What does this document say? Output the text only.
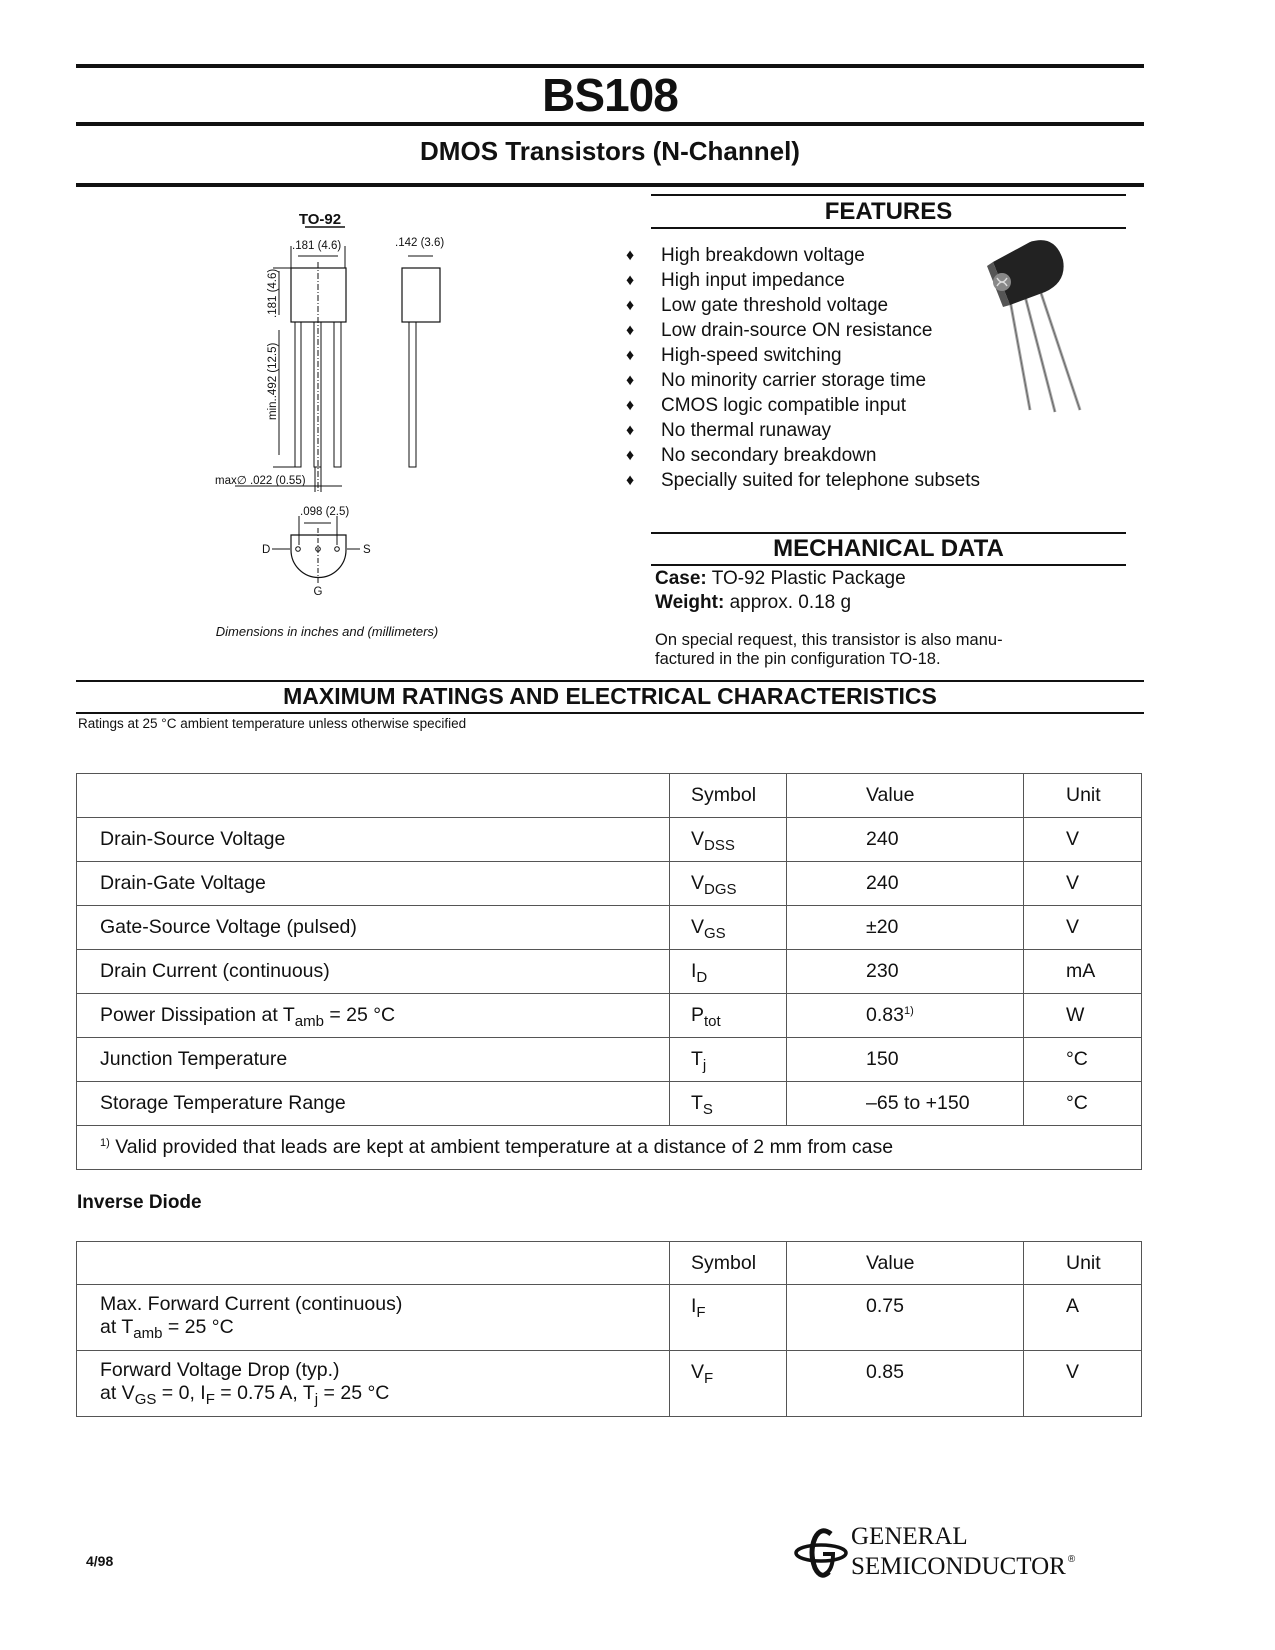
BS108
DMOS Transistors (N-Channel)
TO-92
.181 (4.6)
.181 (4.6)
min..492 (12.5)
.142 (3.6)
max∅ .022 (0.55)
.098 (2.5)
D	S
G
Dimensions in inches and (millimeters)
FEATURES
♦ High breakdown voltage
♦ High input impedance
♦ Low gate threshold voltage
♦ Low drain-source ON resistance
♦ High-speed switching
♦ No minority carrier storage time
♦ CMOS logic compatible input
♦ No thermal runaway
♦ No secondary breakdown
♦ Specially suited for telephone subsets
MECHANICAL DATA
Case: TO-92 Plastic Package
Weight: approx. 0.18 g
On special request, this transistor is also manu-
factured in the pin configuration TO-18.
MAXIMUM RATINGS AND ELECTRICAL CHARACTERISTICS
Ratings at 25 °C ambient temperature unless otherwise specified
	Symbol	Value	Unit
Drain-Source Voltage	$V_{DSS}$	240	V
Drain-Gate Voltage	$V_{DGS}$	240	V
Gate-Source Voltage (pulsed)	$V_{GS}$	±20	V
Drain Current (continuous)	$I_D$	230	mA
Power Dissipation at $T_{amb} = 25$ °C	$P_{tot}$	0.83$^{1)}$	W
Junction Temperature	$T_j$	150	°C
Storage Temperature Range	$T_S$	–65 to +150	°C
$^{1)}$ Valid provided that leads are kept at ambient temperature at a distance of 2 mm from case			
Inverse Diode
	Symbol	Value	Unit

Max. Forward Current (continuous)
at $T_{amb} = 25$ °C	$I_F$	0.75	A

Forward Voltage Drop (typ.)
at $V_{GS} = 0$, $I_F = 0.75$ A, $T_j = 25$ °C	$V_F$	0.85	V
4/98
GENERAL
SEMICONDUCTOR ®
